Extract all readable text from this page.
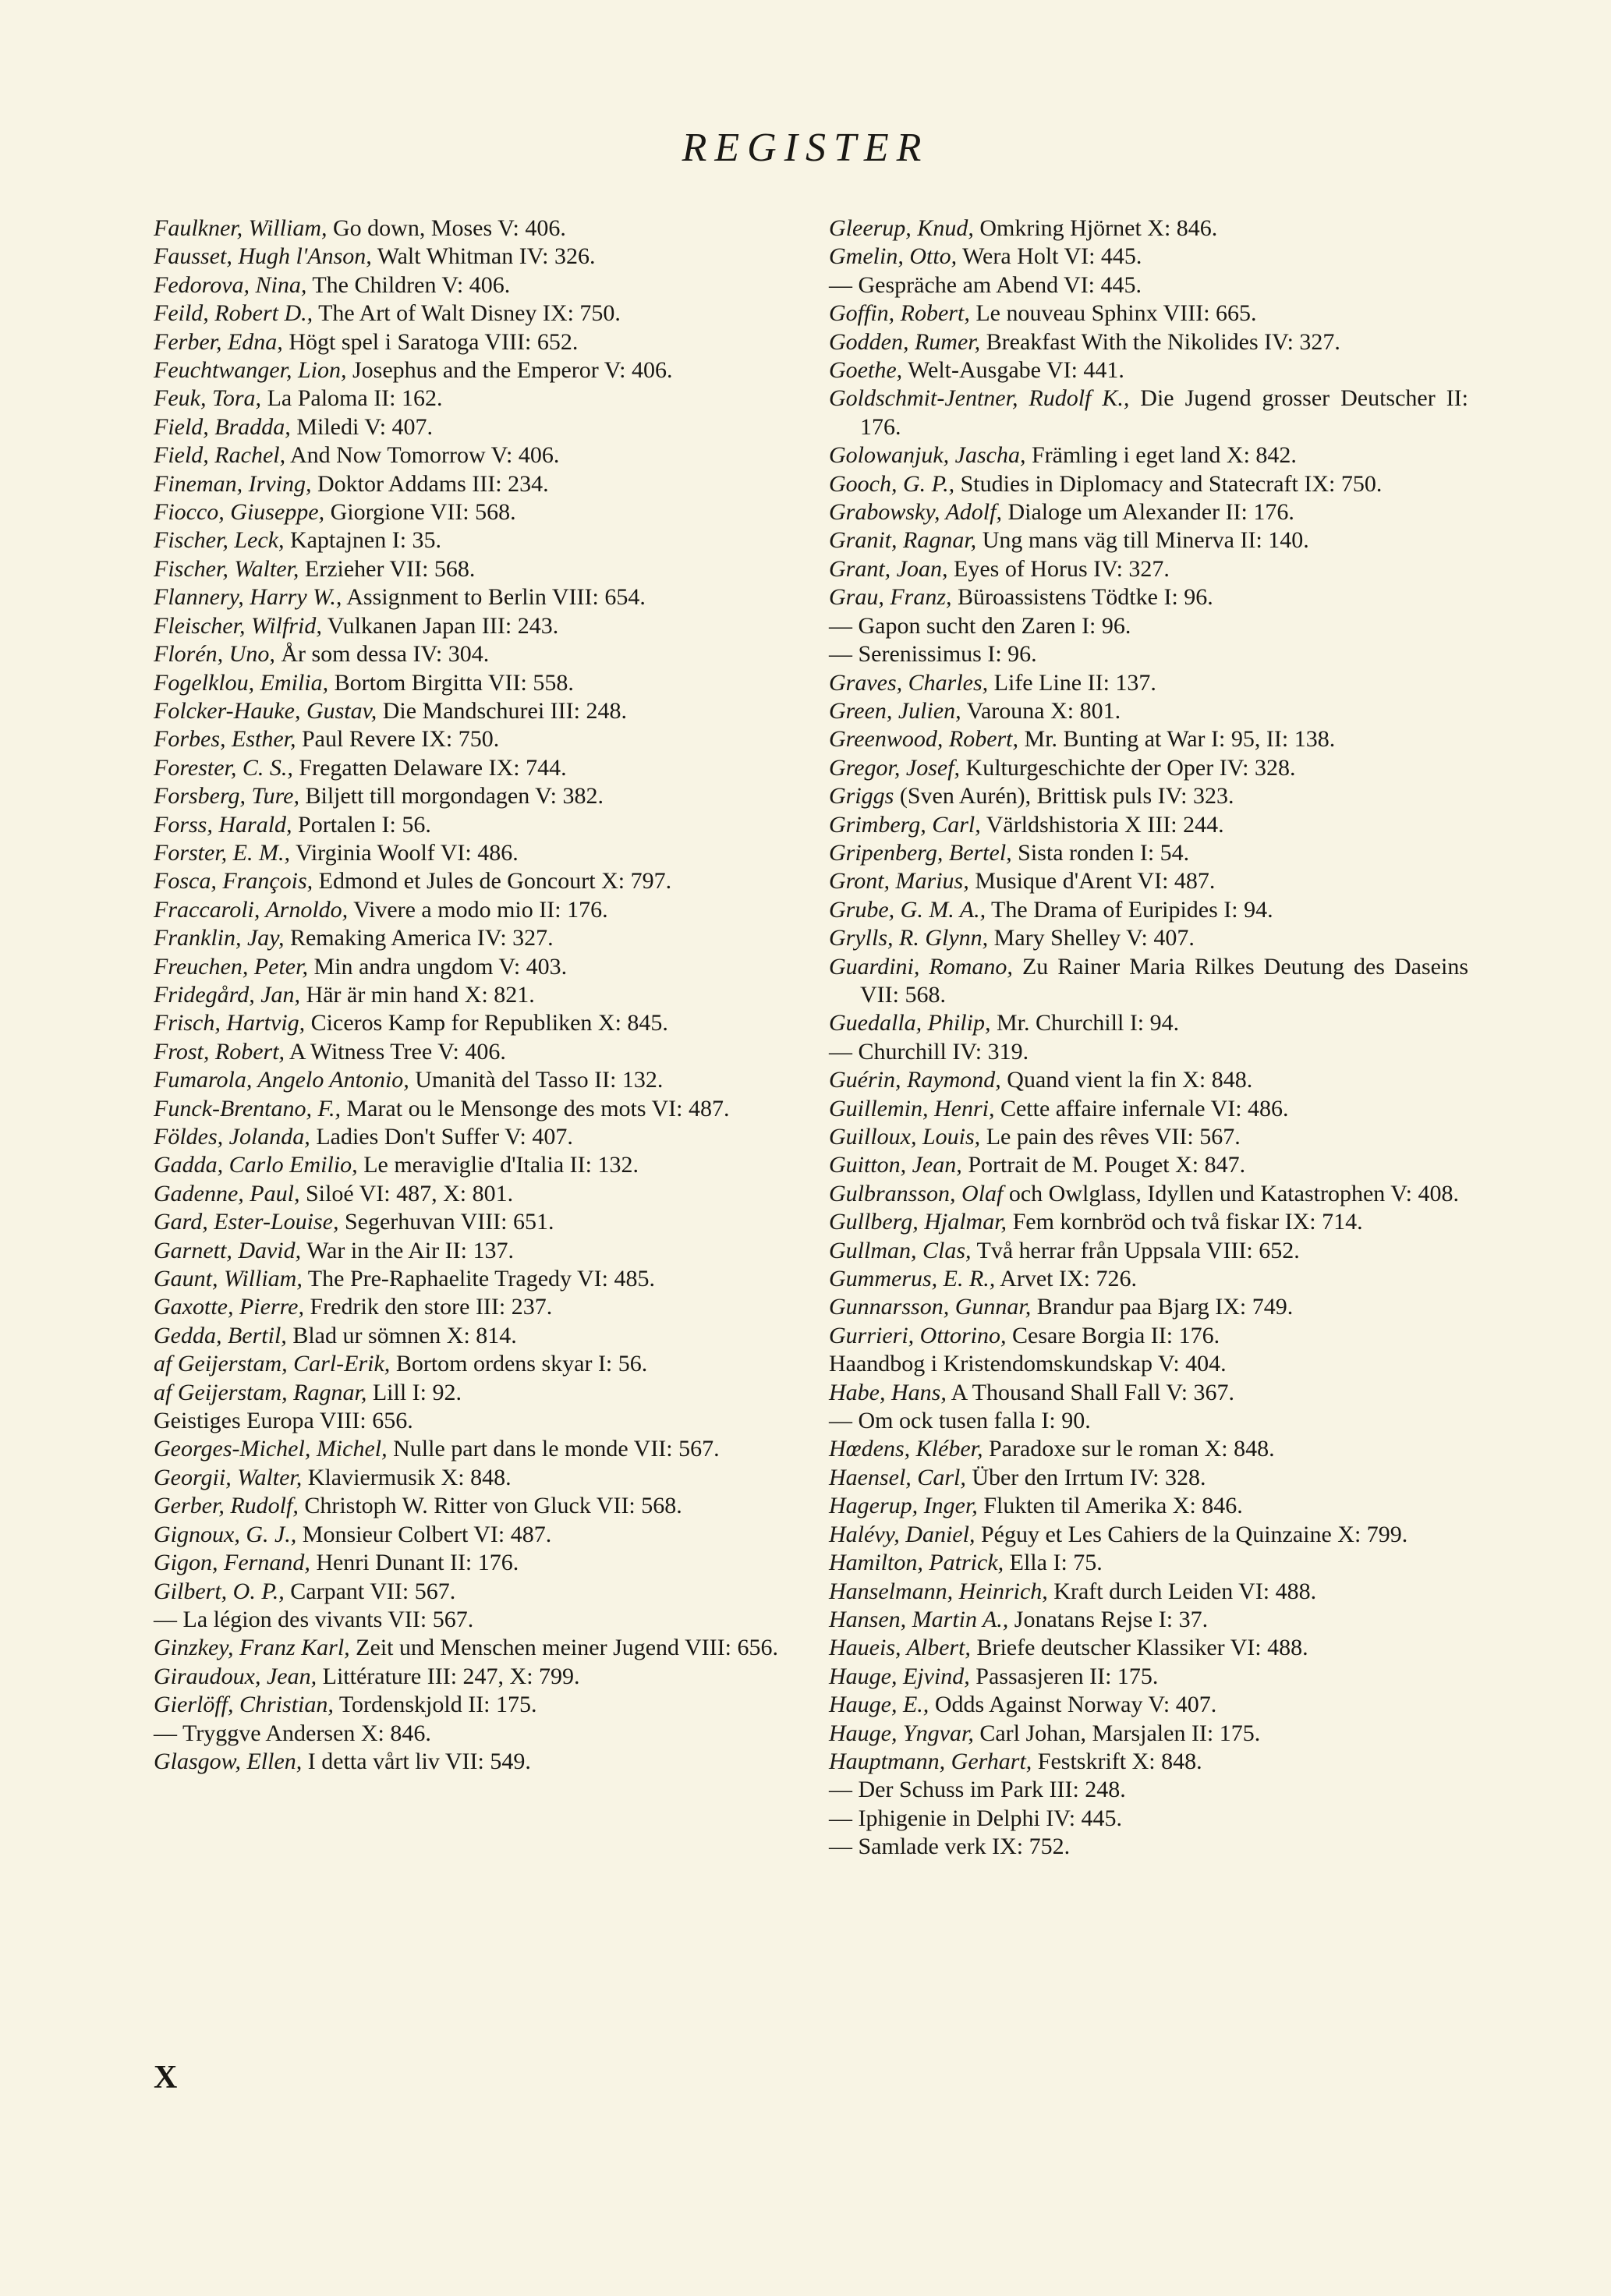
REGISTER
Faulkner, William, Go down, Moses V: 406.
Fausset, Hugh l'Anson, Walt Whitman IV: 326.
Fedorova, Nina, The Children V: 406.
Feild, Robert D., The Art of Walt Disney IX: 750.
Ferber, Edna, Högt spel i Saratoga VIII: 652.
Feuchtwanger, Lion, Josephus and the Emperor V: 406.
Feuk, Tora, La Paloma II: 162.
Field, Bradda, Miledi V: 407.
Field, Rachel, And Now Tomorrow V: 406.
Fineman, Irving, Doktor Addams III: 234.
Fiocco, Giuseppe, Giorgione VII: 568.
Fischer, Leck, Kaptajnen I: 35.
Fischer, Walter, Erzieher VII: 568.
Flannery, Harry W., Assignment to Berlin VIII: 654.
Fleischer, Wilfrid, Vulkanen Japan III: 243.
Florén, Uno, År som dessa IV: 304.
Fogelklou, Emilia, Bortom Birgitta VII: 558.
Folcker-Hauke, Gustav, Die Mandschurei III: 248.
Forbes, Esther, Paul Revere IX: 750.
Forester, C. S., Fregatten Delaware IX: 744.
Forsberg, Ture, Biljett till morgondagen V: 382.
Forss, Harald, Portalen I: 56.
Forster, E. M., Virginia Woolf VI: 486.
Fosca, François, Edmond et Jules de Goncourt X: 797.
Fraccaroli, Arnoldo, Vivere a modo mio II: 176.
Franklin, Jay, Remaking America IV: 327.
Freuchen, Peter, Min andra ungdom V: 403.
Fridegård, Jan, Här är min hand X: 821.
Frisch, Hartvig, Ciceros Kamp for Republiken X: 845.
Frost, Robert, A Witness Tree V: 406.
Fumarola, Angelo Antonio, Umanità del Tasso II: 132.
Funck-Brentano, F., Marat ou le Mensonge des mots VI: 487.
Földes, Jolanda, Ladies Don't Suffer V: 407.
Gadda, Carlo Emilio, Le meraviglie d'Italia II: 132.
Gadenne, Paul, Siloé VI: 487, X: 801.
Gard, Ester-Louise, Segerhuvan VIII: 651.
Garnett, David, War in the Air II: 137.
Gaunt, William, The Pre-Raphaelite Tragedy VI: 485.
Gaxotte, Pierre, Fredrik den store III: 237.
Gedda, Bertil, Blad ur sömnen X: 814.
af Geijerstam, Carl-Erik, Bortom ordens skyar I: 56.
af Geijerstam, Ragnar, Lill I: 92.
Geistiges Europa VIII: 656.
Georges-Michel, Michel, Nulle part dans le monde VII: 567.
Georgii, Walter, Klaviermusik X: 848.
Gerber, Rudolf, Christoph W. Ritter von Gluck VII: 568.
Gignoux, G. J., Monsieur Colbert VI: 487.
Gigon, Fernand, Henri Dunant II: 176.
Gilbert, O. P., Carpant VII: 567.
— La légion des vivants VII: 567.
Ginzkey, Franz Karl, Zeit und Menschen meiner Jugend VIII: 656.
Giraudoux, Jean, Littérature III: 247, X: 799.
Gierlöff, Christian, Tordenskjold II: 175.
— Tryggve Andersen X: 846.
Glasgow, Ellen, I detta vårt liv VII: 549.
Gleerup, Knud, Omkring Hjörnet X: 846.
Gmelin, Otto, Wera Holt VI: 445.
— Gespräche am Abend VI: 445.
Goffin, Robert, Le nouveau Sphinx VIII: 665.
Godden, Rumer, Breakfast With the Nikolides IV: 327.
Goethe, Welt-Ausgabe VI: 441.
Goldschmit-Jentner, Rudolf K., Die Jugend grosser Deutscher II: 176.
Golowanjuk, Jascha, Främling i eget land X: 842.
Gooch, G. P., Studies in Diplomacy and Statecraft IX: 750.
Grabowsky, Adolf, Dialoge um Alexander II: 176.
Granit, Ragnar, Ung mans väg till Minerva II: 140.
Grant, Joan, Eyes of Horus IV: 327.
Grau, Franz, Büroassistens Tödtke I: 96.
— Gapon sucht den Zaren I: 96.
— Serenissimus I: 96.
Graves, Charles, Life Line II: 137.
Green, Julien, Varouna X: 801.
Greenwood, Robert, Mr. Bunting at War I: 95, II: 138.
Gregor, Josef, Kulturgeschichte der Oper IV: 328.
Griggs (Sven Aurén), Brittisk puls IV: 323.
Grimberg, Carl, Världshistoria X III: 244.
Gripenberg, Bertel, Sista ronden I: 54.
Gront, Marius, Musique d'Arent VI: 487.
Grube, G. M. A., The Drama of Euripides I: 94.
Grylls, R. Glynn, Mary Shelley V: 407.
Guardini, Romano, Zu Rainer Maria Rilkes Deutung des Daseins VII: 568.
Guedalla, Philip, Mr. Churchill I: 94.
— Churchill IV: 319.
Guérin, Raymond, Quand vient la fin X: 848.
Guillemin, Henri, Cette affaire infernale VI: 486.
Guilloux, Louis, Le pain des rêves VII: 567.
Guitton, Jean, Portrait de M. Pouget X: 847.
Gulbransson, Olaf och Owlglass, Idyllen und Katastrophen V: 408.
Gullberg, Hjalmar, Fem kornbröd och två fiskar IX: 714.
Gullman, Clas, Två herrar från Uppsala VIII: 652.
Gummerus, E. R., Arvet IX: 726.
Gunnarsson, Gunnar, Brandur paa Bjarg IX: 749.
Gurrieri, Ottorino, Cesare Borgia II: 176.
Haandbog i Kristendomskundskap V: 404.
Habe, Hans, A Thousand Shall Fall V: 367.
— Om ock tusen falla I: 90.
Hœdens, Kléber, Paradoxe sur le roman X: 848.
Haensel, Carl, Über den Irrtum IV: 328.
Hagerup, Inger, Flukten til Amerika X: 846.
Halévy, Daniel, Péguy et Les Cahiers de la Quinzaine X: 799.
Hamilton, Patrick, Ella I: 75.
Hanselmann, Heinrich, Kraft durch Leiden VI: 488.
Hansen, Martin A., Jonatans Rejse I: 37.
Haueis, Albert, Briefe deutscher Klassiker VI: 488.
Hauge, Ejvind, Passasjeren II: 175.
Hauge, E., Odds Against Norway V: 407.
Hauge, Yngvar, Carl Johan, Marsjalen II: 175.
Hauptmann, Gerhart, Festskrift X: 848.
— Der Schuss im Park III: 248.
— Iphigenie in Delphi IV: 445.
— Samlade verk IX: 752.
X
